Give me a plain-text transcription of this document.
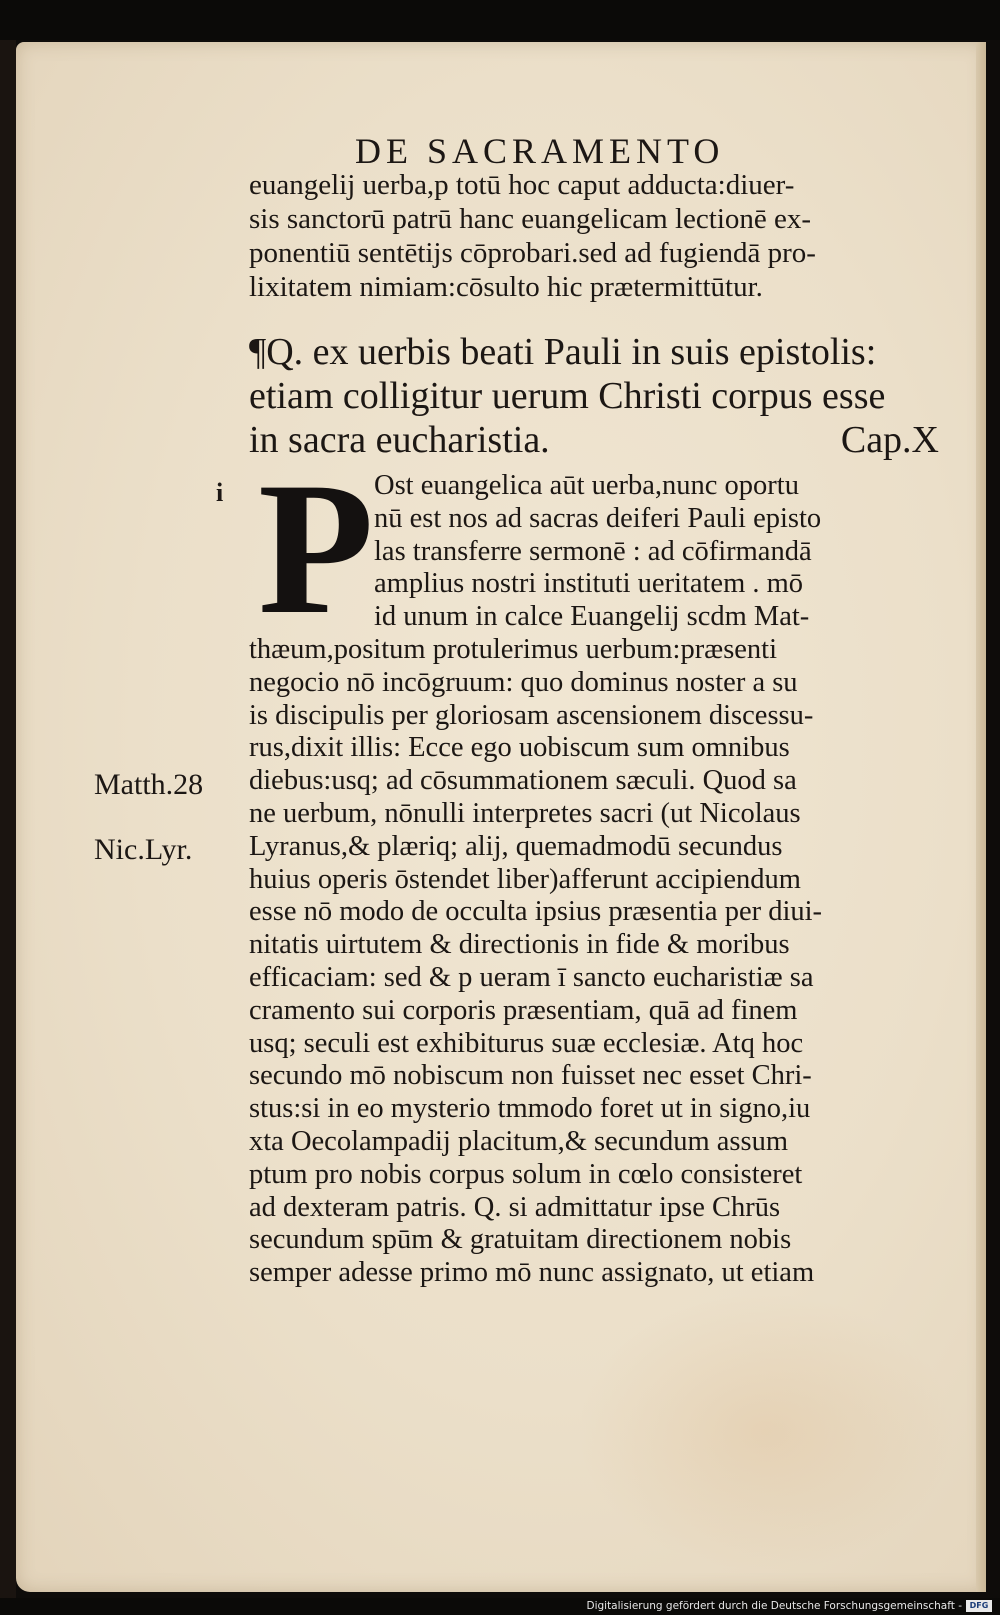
DE SACRAMENTO
euangelij uerba,p totū hoc caput adducta:diuer-
sis sanctorū patrū hanc euangelicam lectionē ex-
ponentiū sentētijs cōprobari.sed ad fugiendā pro-
lixitatem nimiam:cōsulto hic prætermittūtur.
¶Q. ex uerbis beati Pauli in suis epistolis:
etiam colligitur uerum Christi corpus esse
in sacra eucharistia.	Cap.X
i P Ost euangelica aūt uerba,nunc oportu
nū est nos ad sacras deiferi Pauli episto
las transferre sermonē : ad cōfirmandā
amplius nostri instituti ueritatem . mō
id unum in calce Euangelij scdm Mat-
thæum,positum protulerimus uerbum:præsenti
negocio nō incōgruum: quo dominus noster a su
is discipulis per gloriosam ascensionem discessu-
rus,dixit illis: Ecce ego uobiscum sum omnibus
diebus:usq; ad cōsummationem sæculi. Quod sa
ne uerbum, nōnulli interpretes sacri (ut Nicolaus
Lyranus,& plæriq; alij, quemadmodū secundus
huius operis ōstendet liber)afferunt accipiendum
esse nō modo de occulta ipsius præsentia per diui-
nitatis uirtutem & directionis in fide & moribus
efficaciam: sed & p ueram ī sancto eucharistiæ sa
cramento sui corporis præsentiam, quā ad finem
usq; seculi est exhibiturus suæ ecclesiæ. Atq hoc
secundo mō nobiscum non fuisset nec esset Chri-
stus:si in eo mysterio tmmodo foret ut in signo,iu
xta Oecolampadij placitum,& secundum assum
ptum pro nobis corpus solum in cœlo consisteret
ad dexteram patris. Q. si admittatur ipse Chrūs
secundum spūm & gratuitam directionem nobis
semper adesse primo mō nunc assignato, ut etiam
Matth.28
Nic.Lyr.
Digitalisierung gefördert durch die Deutsche Forschungsgemeinschaft - DFG
